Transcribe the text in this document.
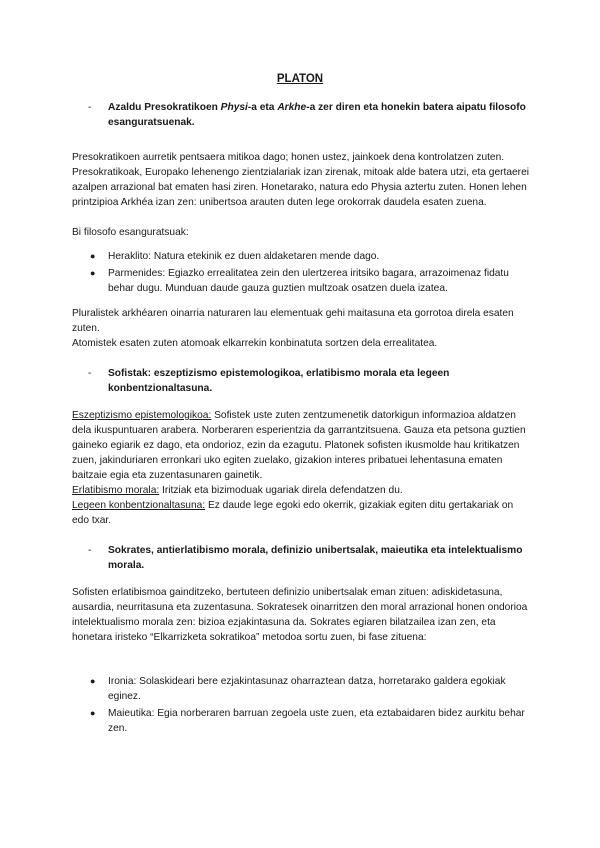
PLATON
- Azaldu Presokratikoen Physi-a eta Arkhe-a zer diren eta honekin batera aipatu filosofo esanguratsuenak.
Presokratikoen aurretik pentsaera mitikoa dago; honen ustez, jainkoek dena kontrolatzen zuten. Presokratikoak, Europako lehenengo zientzialariak izan zirenak, mitoak alde batera utzi, eta gertaerei azalpen arrazional bat ematen hasi ziren. Honetarako, natura edo Physia aztertu zuten. Honen lehen printzipioa Arkhéa izan zen: unibertsoa arauten duten lege orokorrak daudela esaten zuena.
Bi filosofo esanguratsuak:
● Heraklito: Natura etekinik ez duen aldaketaren mende dago.
● Parmenides: Egiazko errealitatea zein den ulertzerea iritsiko bagara, arrazoimenaz fidatu behar dugu. Munduan daude gauza guztien multzoak osatzen duela izatea.
Pluralistek arkhéaren oinarria naturaren lau elementuak gehi maitasuna eta gorrotoa direla esaten zuten.
Atomistek esaten zuten atomoak elkarrekin konbinatuta sortzen dela errealitatea.
- Sofistak: eszeptizismo epistemologikoa, erlatibismo morala eta legeen konbentzionaltasuna.
Eszeptizismo epistemologikoa: Sofistek uste zuten zentzumenetik datorkigun informazioa aldatzen dela ikuspuntuaren arabera. Norberaren esperientzia da garrantzitsuena. Gauza eta petsona guztien gaineko egiarik ez dago, eta ondorioz, ezin da ezagutu. Platonek sofisten ikusmolde hau kritikatzen zuen, jakinduriaren erronkari uko egiten zuelako, gizakion interes pribatuei lehentasuna ematen baitzaie egia eta zuzentasunaren gainetik.
Erlatibismo morala: Iritziak eta bizimoduak ugariak direla defendatzen du.
Legeen konbentzionaltasuna: Ez daude lege egoki edo okerrik, gizakiak egiten ditu gertakariak on edo txar.
- Sokrates, antierlatibismo morala, definizio unibertsalak, maieutika eta intelektualismo morala.
Sofisten erlatibismoa gainditzeko, bertuteen definizio unibertsalak eman zituen: adiskidetasuna, ausardia, neurritasuna eta zuzentasuna. Sokratesek oinarritzen den moral arrazional honen ondorioa intelektualismo morala zen: bizioa ezjakintasuna da. Sokrates egiaren bilatzailea izan zen, eta honetara iristeko “Elkarrizketa sokratikoa” metodoa sortu zuen, bi fase zituena:
● Ironia: Solaskideari bere ezjakintasunaz oharraztean datza, horretarako galdera egokiak eginez.
● Maieutika: Egia norberaren barruan zegoela uste zuen, eta eztabaidaren bidez aurkitu behar zen.
